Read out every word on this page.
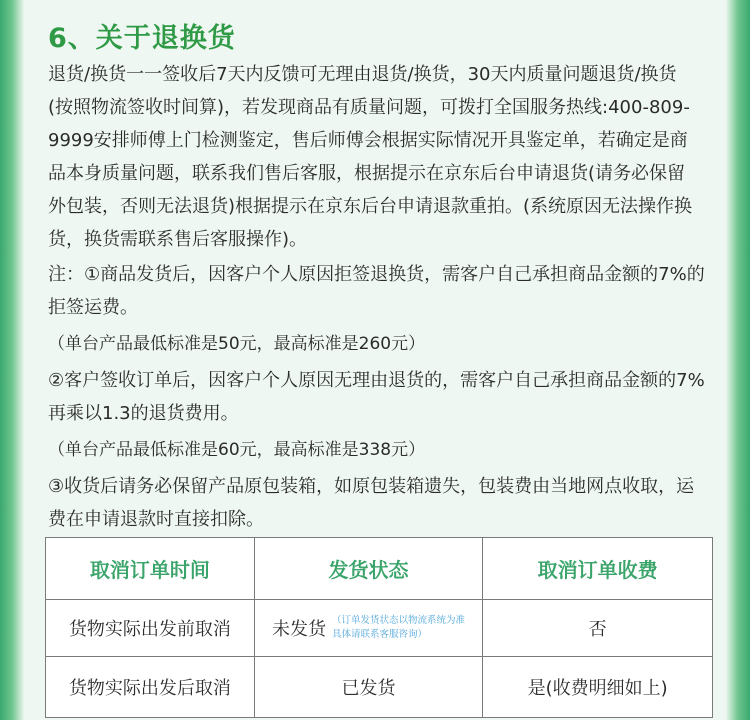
6、关于退换货
退货/换货一一签收后7天内反馈可无理由退货/换货，30天内质量问题退货/换货
(按照物流签收时间算)，若发现商品有质量问题，可拨打全国服务热线:400-809-
9999安排师傅上门检测鉴定，售后师傅会根据实际情况开具鉴定单，若确定是商
品本身质量问题，联系我们售后客服，根据提示在京东后台申请退货(请务必保留
外包装，否则无法退货)根据提示在京东后台申请退款重拍。(系统原因无法操作换
货，换货需联系售后客服操作)。
注：①商品发货后，因客户个人原因拒签退换货，需客户自己承担商品金额的7%的
拒签运费。
（单台产品最低标准是50元，最高标准是260元）
②客户签收订单后，因客户个人原因无理由退货的，需客户自己承担商品金额的7%
再乘以1.3的退货费用。
（单台产品最低标准是60元，最高标准是338元）
③收货后请务必保留产品原包装箱，如原包装箱遗失，包装费由当地网点收取，运
费在申请退款时直接扣除。
取消订单时间	发货状态	取消订单收费
货物实际出发前取消	未发货 （订单发货状态以物流系统为准
具体请联系客服咨询）	否
货物实际出发后取消	已发货	是(收费明细如上)
